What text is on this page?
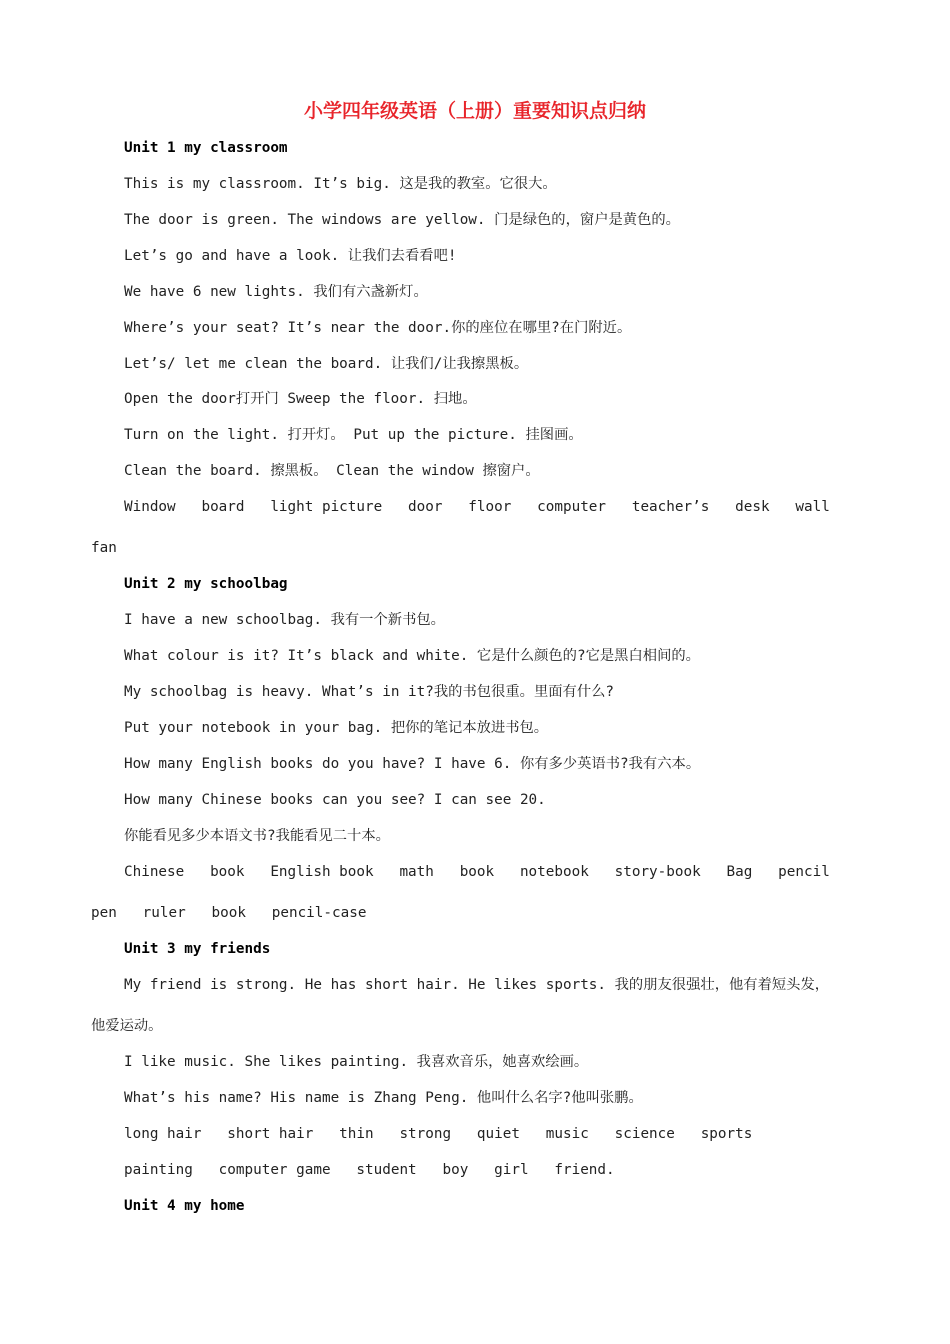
小学四年级英语（上册）重要知识点归纳

Unit 1 my classroom

This is my classroom. It’s big. 这是我的教室。它很大。

The door is green. The windows are yellow. 门是绿色的，窗户是黄色的。

Let’s go and have a look. 让我们去看看吧!

We have 6 new lights. 我们有六盏新灯。

Where’s your seat? It’s near the door.你的座位在哪里?在门附近。

Let’s/ let me clean the board. 让我们/让我擦黑板。

Open the door打开门 Sweep the floor. 扫地。

Turn on the light. 打开灯。 Put up the picture. 挂图画。

Clean the board. 擦黑板。 Clean the window 擦窗户。

Window   board   light picture   door   floor   computer   teacher’s   desk   wall

fan

Unit 2 my schoolbag

I have a new schoolbag. 我有一个新书包。

What colour is it? It’s black and white. 它是什么颜色的?它是黑白相间的。

My schoolbag is heavy. What’s in it?我的书包很重。里面有什么?

Put your notebook in your bag. 把你的笔记本放进书包。

How many English books do you have? I have 6. 你有多少英语书?我有六本。

How many Chinese books can you see? I can see 20.

你能看见多少本语文书?我能看见二十本。

Chinese   book   English book   math   book   notebook   story-book   Bag   pencil

pen   ruler   book   pencil-case

Unit 3 my friends

My friend is strong. He has short hair. He likes sports. 我的朋友很强壮，他有着短头发，

他爱运动。

I like music. She likes painting. 我喜欢音乐，她喜欢绘画。

What’s his name? His name is Zhang Peng. 他叫什么名字?他叫张鹏。

long hair   short hair   thin   strong   quiet   music   science   sports

painting   computer game   student   boy   girl   friend.

Unit 4 my home
